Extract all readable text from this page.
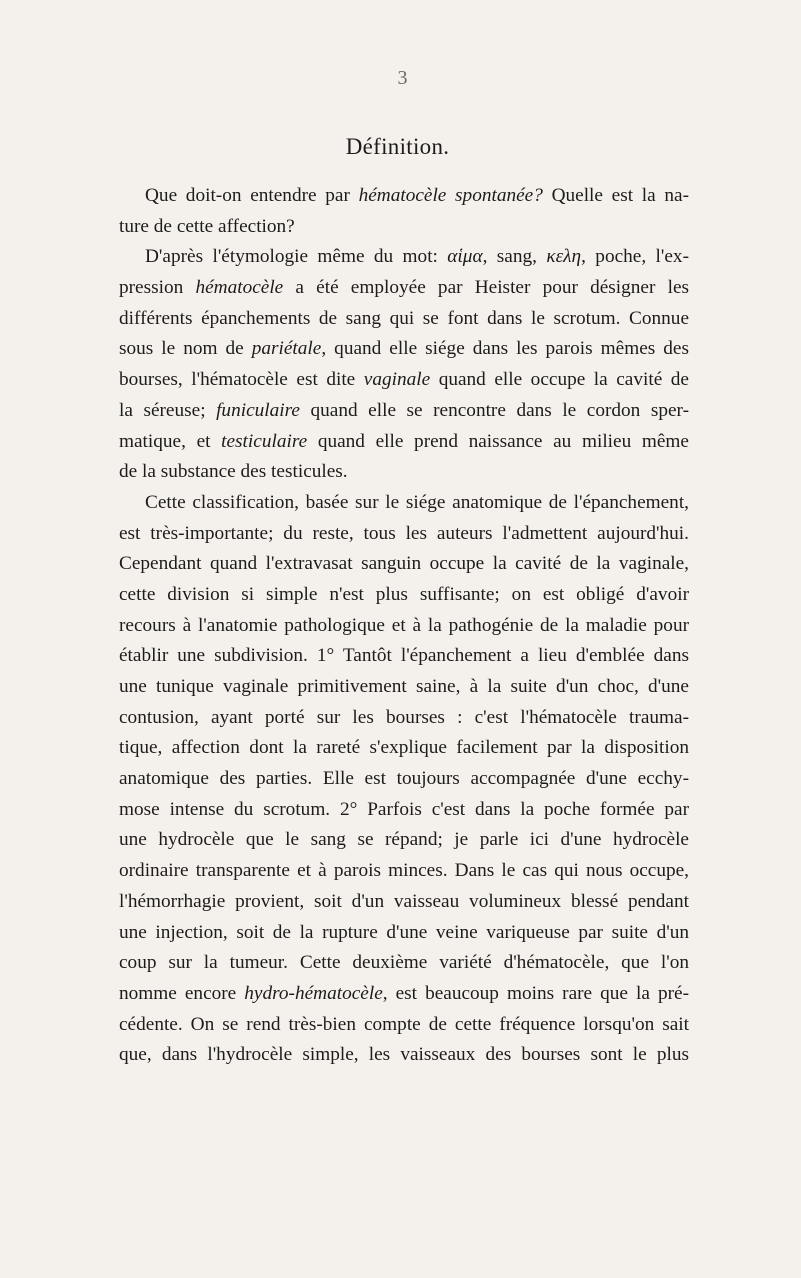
3
Définition.
Que doit-on entendre par hématocèle spontanée? Quelle est la na-
ture de cette affection?
D'après l'étymologie même du mot: αἱμα, sang, κελη, poche, l'ex-
pression hématocèle a été employée par Heister pour désigner les
différents épanchements de sang qui se font dans le scrotum. Connue
sous le nom de pariétale, quand elle siége dans les parois mêmes des
bourses, l'hématocèle est dite vaginale quand elle occupe la cavité de
la séreuse; funiculaire quand elle se rencontre dans le cordon sper-
matique, et testiculaire quand elle prend naissance au milieu même
de la substance des testicules.
Cette classification, basée sur le siége anatomique de l'épanchement,
est très-importante; du reste, tous les auteurs l'admettent aujourd'hui.
Cependant quand l'extravasat sanguin occupe la cavité de la vaginale,
cette division si simple n'est plus suffisante; on est obligé d'avoir
recours à l'anatomie pathologique et à la pathogénie de la maladie pour
établir une subdivision. 1° Tantôt l'épanchement a lieu d'emblée dans
une tunique vaginale primitivement saine, à la suite d'un choc, d'une
contusion, ayant porté sur les bourses : c'est l'hématocèle trauma-
tique, affection dont la rareté s'explique facilement par la disposition
anatomique des parties. Elle est toujours accompagnée d'une ecchy-
mose intense du scrotum. 2° Parfois c'est dans la poche formée par
une hydrocèle que le sang se répand; je parle ici d'une hydrocèle
ordinaire transparente et à parois minces. Dans le cas qui nous occupe,
l'hémorrhagie provient, soit d'un vaisseau volumineux blessé pendant
une injection, soit de la rupture d'une veine variqueuse par suite d'un
coup sur la tumeur. Cette deuxième variété d'hématocèle, que l'on
nomme encore hydro-hématocèle, est beaucoup moins rare que la pré-
cédente. On se rend très-bien compte de cette fréquence lorsqu'on sait
que, dans l'hydrocèle simple, les vaisseaux des bourses sont le plus
